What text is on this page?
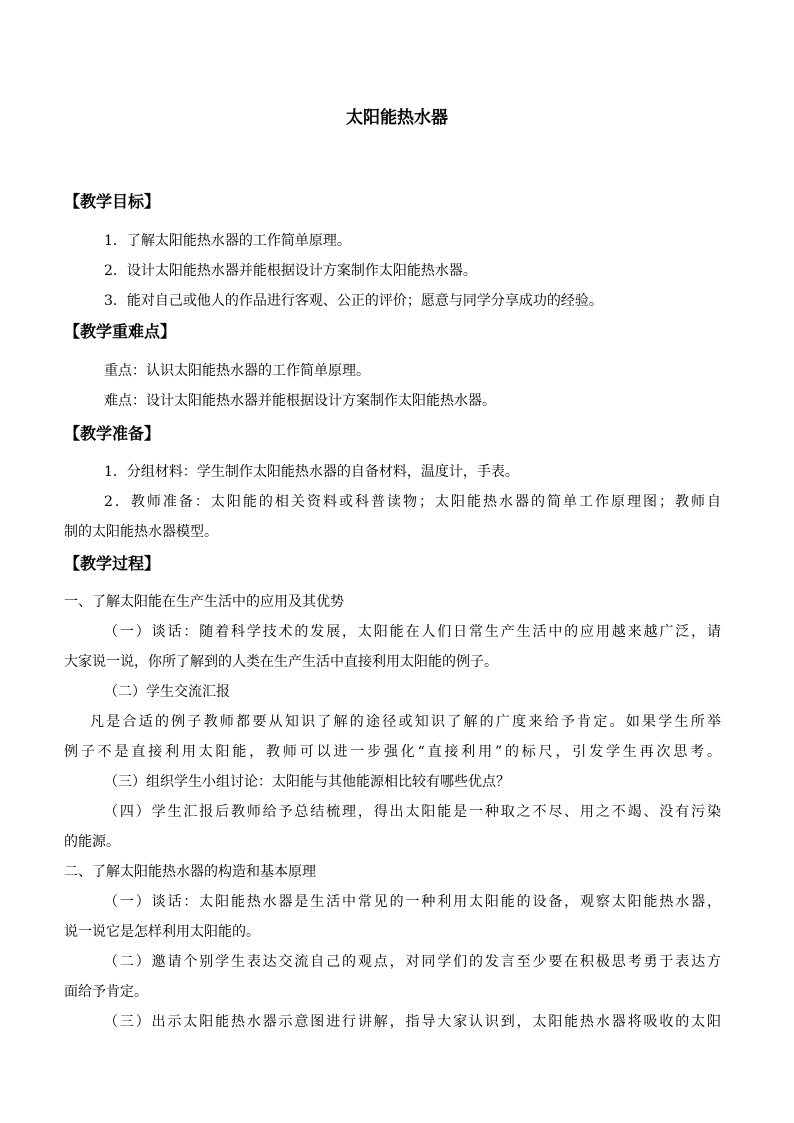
太阳能热水器
【教学目标】
1．了解太阳能热水器的工作简单原理。
2．设计太阳能热水器并能根据设计方案制作太阳能热水器。
3．能对自己或他人的作品进行客观、公正的评价；愿意与同学分享成功的经验。
【教学重难点】
重点：认识太阳能热水器的工作简单原理。
难点：设计太阳能热水器并能根据设计方案制作太阳能热水器。
【教学准备】
1．分组材料：学生制作太阳能热水器的自备材料，温度计，手表。
2．教师准备：太阳能的相关资料或科普读物；太阳能热水器的简单工作原理图；教师自
制的太阳能热水器模型。
【教学过程】
一、了解太阳能在生产生活中的应用及其优势
（一）谈话：随着科学技术的发展，太阳能在人们日常生产生活中的应用越来越广泛，请
大家说一说，你所了解到的人类在生产生活中直接利用太阳能的例子。
（二）学生交流汇报
凡是合适的例子教师都要从知识了解的途径或知识了解的广度来给予肯定。如果学生所举
例子不是直接利用太阳能，教师可以进一步强化“直接利用”的标尺，引发学生再次思考。
（三）组织学生小组讨论：太阳能与其他能源相比较有哪些优点？
（四）学生汇报后教师给予总结梳理，得出太阳能是一种取之不尽、用之不竭、没有污染
的能源。
二、了解太阳能热水器的构造和基本原理
（一）谈话：太阳能热水器是生活中常见的一种利用太阳能的设备，观察太阳能热水器，
说一说它是怎样利用太阳能的。
（二）邀请个别学生表达交流自己的观点，对同学们的发言至少要在积极思考勇于表达方
面给予肯定。
（三）出示太阳能热水器示意图进行讲解，指导大家认识到，太阳能热水器将吸收的太阳
